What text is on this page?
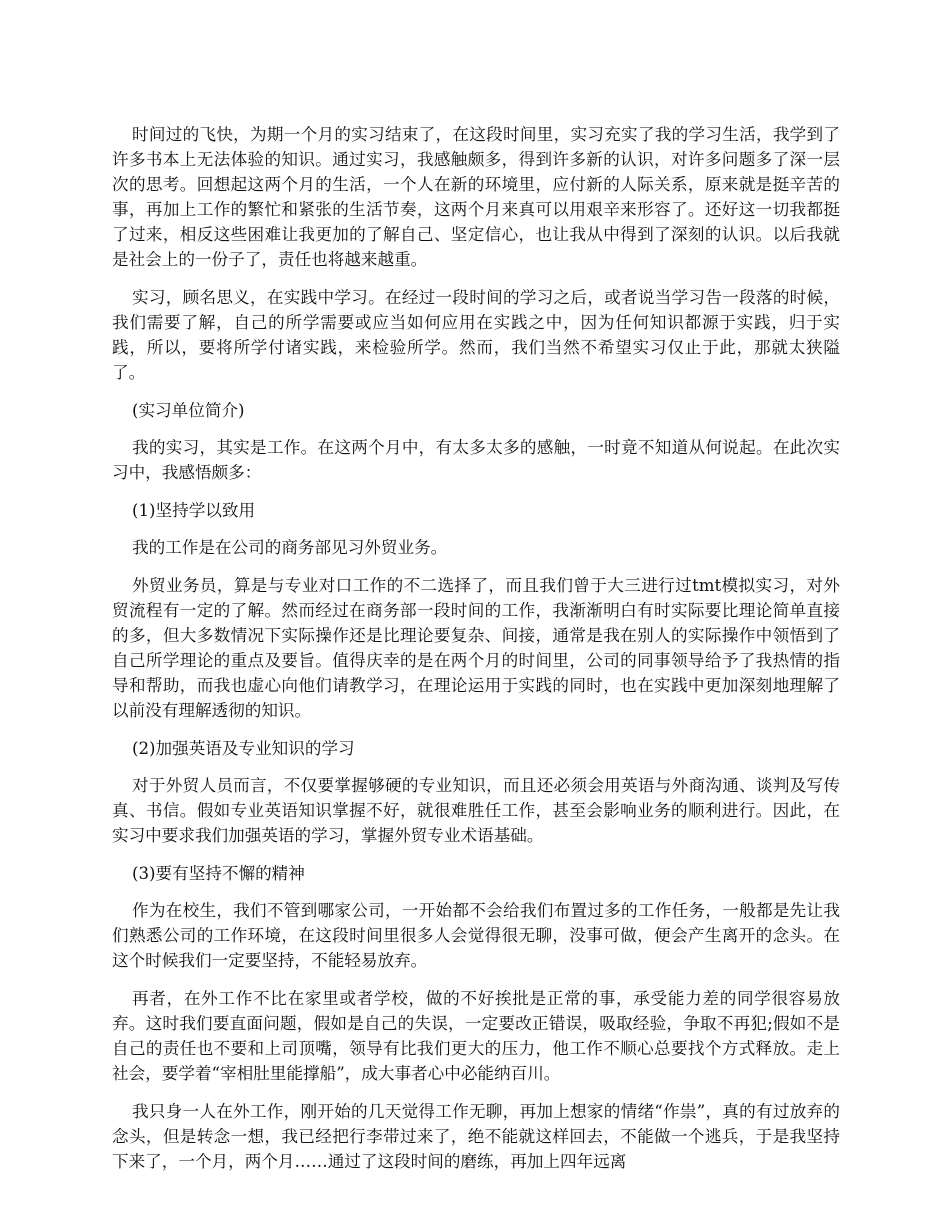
时间过的飞快，为期一个月的实习结束了，在这段时间里，实习充实了我的学习生活，我学到了许多书本上无法体验的知识。通过实习，我感触颇多，得到许多新的认识，对许多问题多了深一层次的思考。回想起这两个月的生活，一个人在新的环境里，应付新的人际关系，原来就是挺辛苦的事，再加上工作的繁忙和紧张的生活节奏，这两个月来真可以用艰辛来形容了。还好这一切我都挺了过来，相反这些困难让我更加的了解自己、坚定信心，也让我从中得到了深刻的认识。以后我就是社会上的一份子了，责任也将越来越重。

实习，顾名思义，在实践中学习。在经过一段时间的学习之后，或者说当学习告一段落的时候，我们需要了解，自己的所学需要或应当如何应用在实践之中，因为任何知识都源于实践，归于实践，所以，要将所学付诸实践，来检验所学。然而，我们当然不希望实习仅止于此，那就太狭隘了。

(实习单位简介)

我的实习，其实是工作。在这两个月中，有太多太多的感触，一时竟不知道从何说起。在此次实习中，我感悟颇多：

(1)坚持学以致用

我的工作是在公司的商务部见习外贸业务。

外贸业务员，算是与专业对口工作的不二选择了，而且我们曾于大三进行过tmt模拟实习，对外贸流程有一定的了解。然而经过在商务部一段时间的工作，我渐渐明白有时实际要比理论简单直接的多，但大多数情况下实际操作还是比理论要复杂、间接，通常是我在别人的实际操作中领悟到了自己所学理论的重点及要旨。值得庆幸的是在两个月的时间里，公司的同事领导给予了我热情的指导和帮助，而我也虚心向他们请教学习，在理论运用于实践的同时，也在实践中更加深刻地理解了以前没有理解透彻的知识。

(2)加强英语及专业知识的学习

对于外贸人员而言，不仅要掌握够硬的专业知识，而且还必须会用英语与外商沟通、谈判及写传真、书信。假如专业英语知识掌握不好，就很难胜任工作，甚至会影响业务的顺利进行。因此，在实习中要求我们加强英语的学习，掌握外贸专业术语基础。

(3)要有坚持不懈的精神

作为在校生，我们不管到哪家公司，一开始都不会给我们布置过多的工作任务，一般都是先让我们熟悉公司的工作环境，在这段时间里很多人会觉得很无聊，没事可做，便会产生离开的念头。在这个时候我们一定要坚持，不能轻易放弃。

再者，在外工作不比在家里或者学校，做的不好挨批是正常的事，承受能力差的同学很容易放弃。这时我们要直面问题，假如是自己的失误，一定要改正错误，吸取经验，争取不再犯;假如不是自己的责任也不要和上司顶嘴，领导有比我们更大的压力，他工作不顺心总要找个方式释放。走上社会，要学着“宰相肚里能撑船”，成大事者心中必能纳百川。

我只身一人在外工作，刚开始的几天觉得工作无聊，再加上想家的情绪“作祟”，真的有过放弃的念头，但是转念一想，我已经把行李带过来了，绝不能就这样回去，不能做一个逃兵，于是我坚持下来了，一个月，两个月……通过了这段时间的磨练，再加上四年远离
